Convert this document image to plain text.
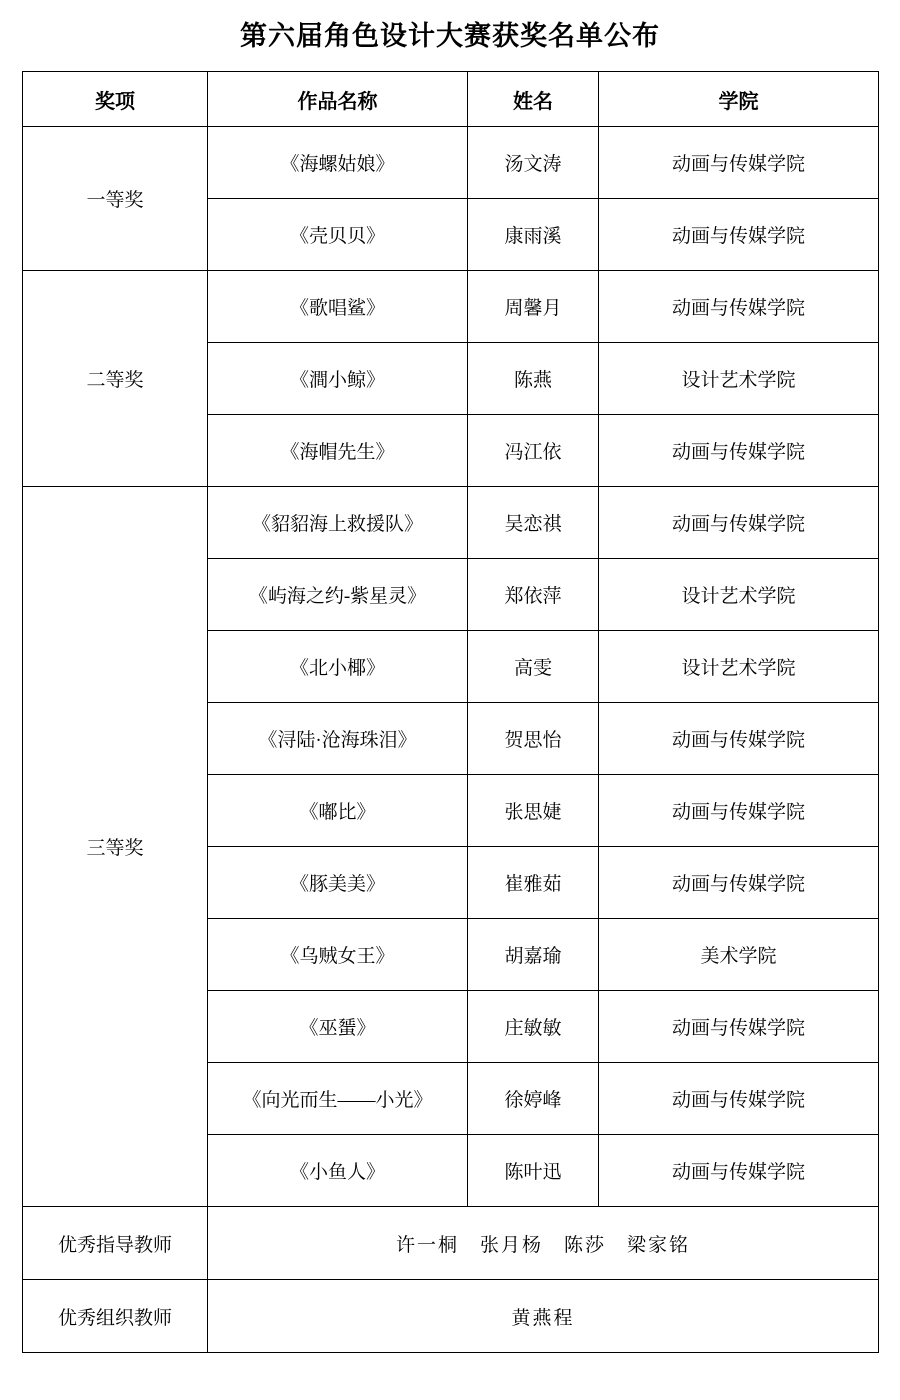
第六届角色设计大赛获奖名单公布
奖项	作品名称	姓名	学院
一等奖	《海螺姑娘》	汤文涛	动画与传媒学院
	《壳贝贝》	康雨溪	动画与传媒学院
二等奖	《歌唱鲨》	周馨月	动画与传媒学院
	《澗小鲸》	陈燕	设计艺术学院
	《海帽先生》	冯江依	动画与传媒学院
三等奖	《貂貂海上救援队》	吴恋祺	动画与传媒学院
	《屿海之约-紫星灵》	郑依萍	设计艺术学院
	《北小椰》	高雯	设计艺术学院
	《浔陆·沧海珠泪》	贺思怡	动画与传媒学院
	《嘟比》	张思婕	动画与传媒学院
	《豚美美》	崔雅茹	动画与传媒学院
	《乌贼女王》	胡嘉瑜	美术学院
	《巫蜑》	庄敏敏	动画与传媒学院
	《向光而生——小光》	徐婷峰	动画与传媒学院
	《小鱼人》	陈叶迅	动画与传媒学院
优秀指导教师	许一桐　张月杨　陈莎　梁家铭		
优秀组织教师	黄燕程		
